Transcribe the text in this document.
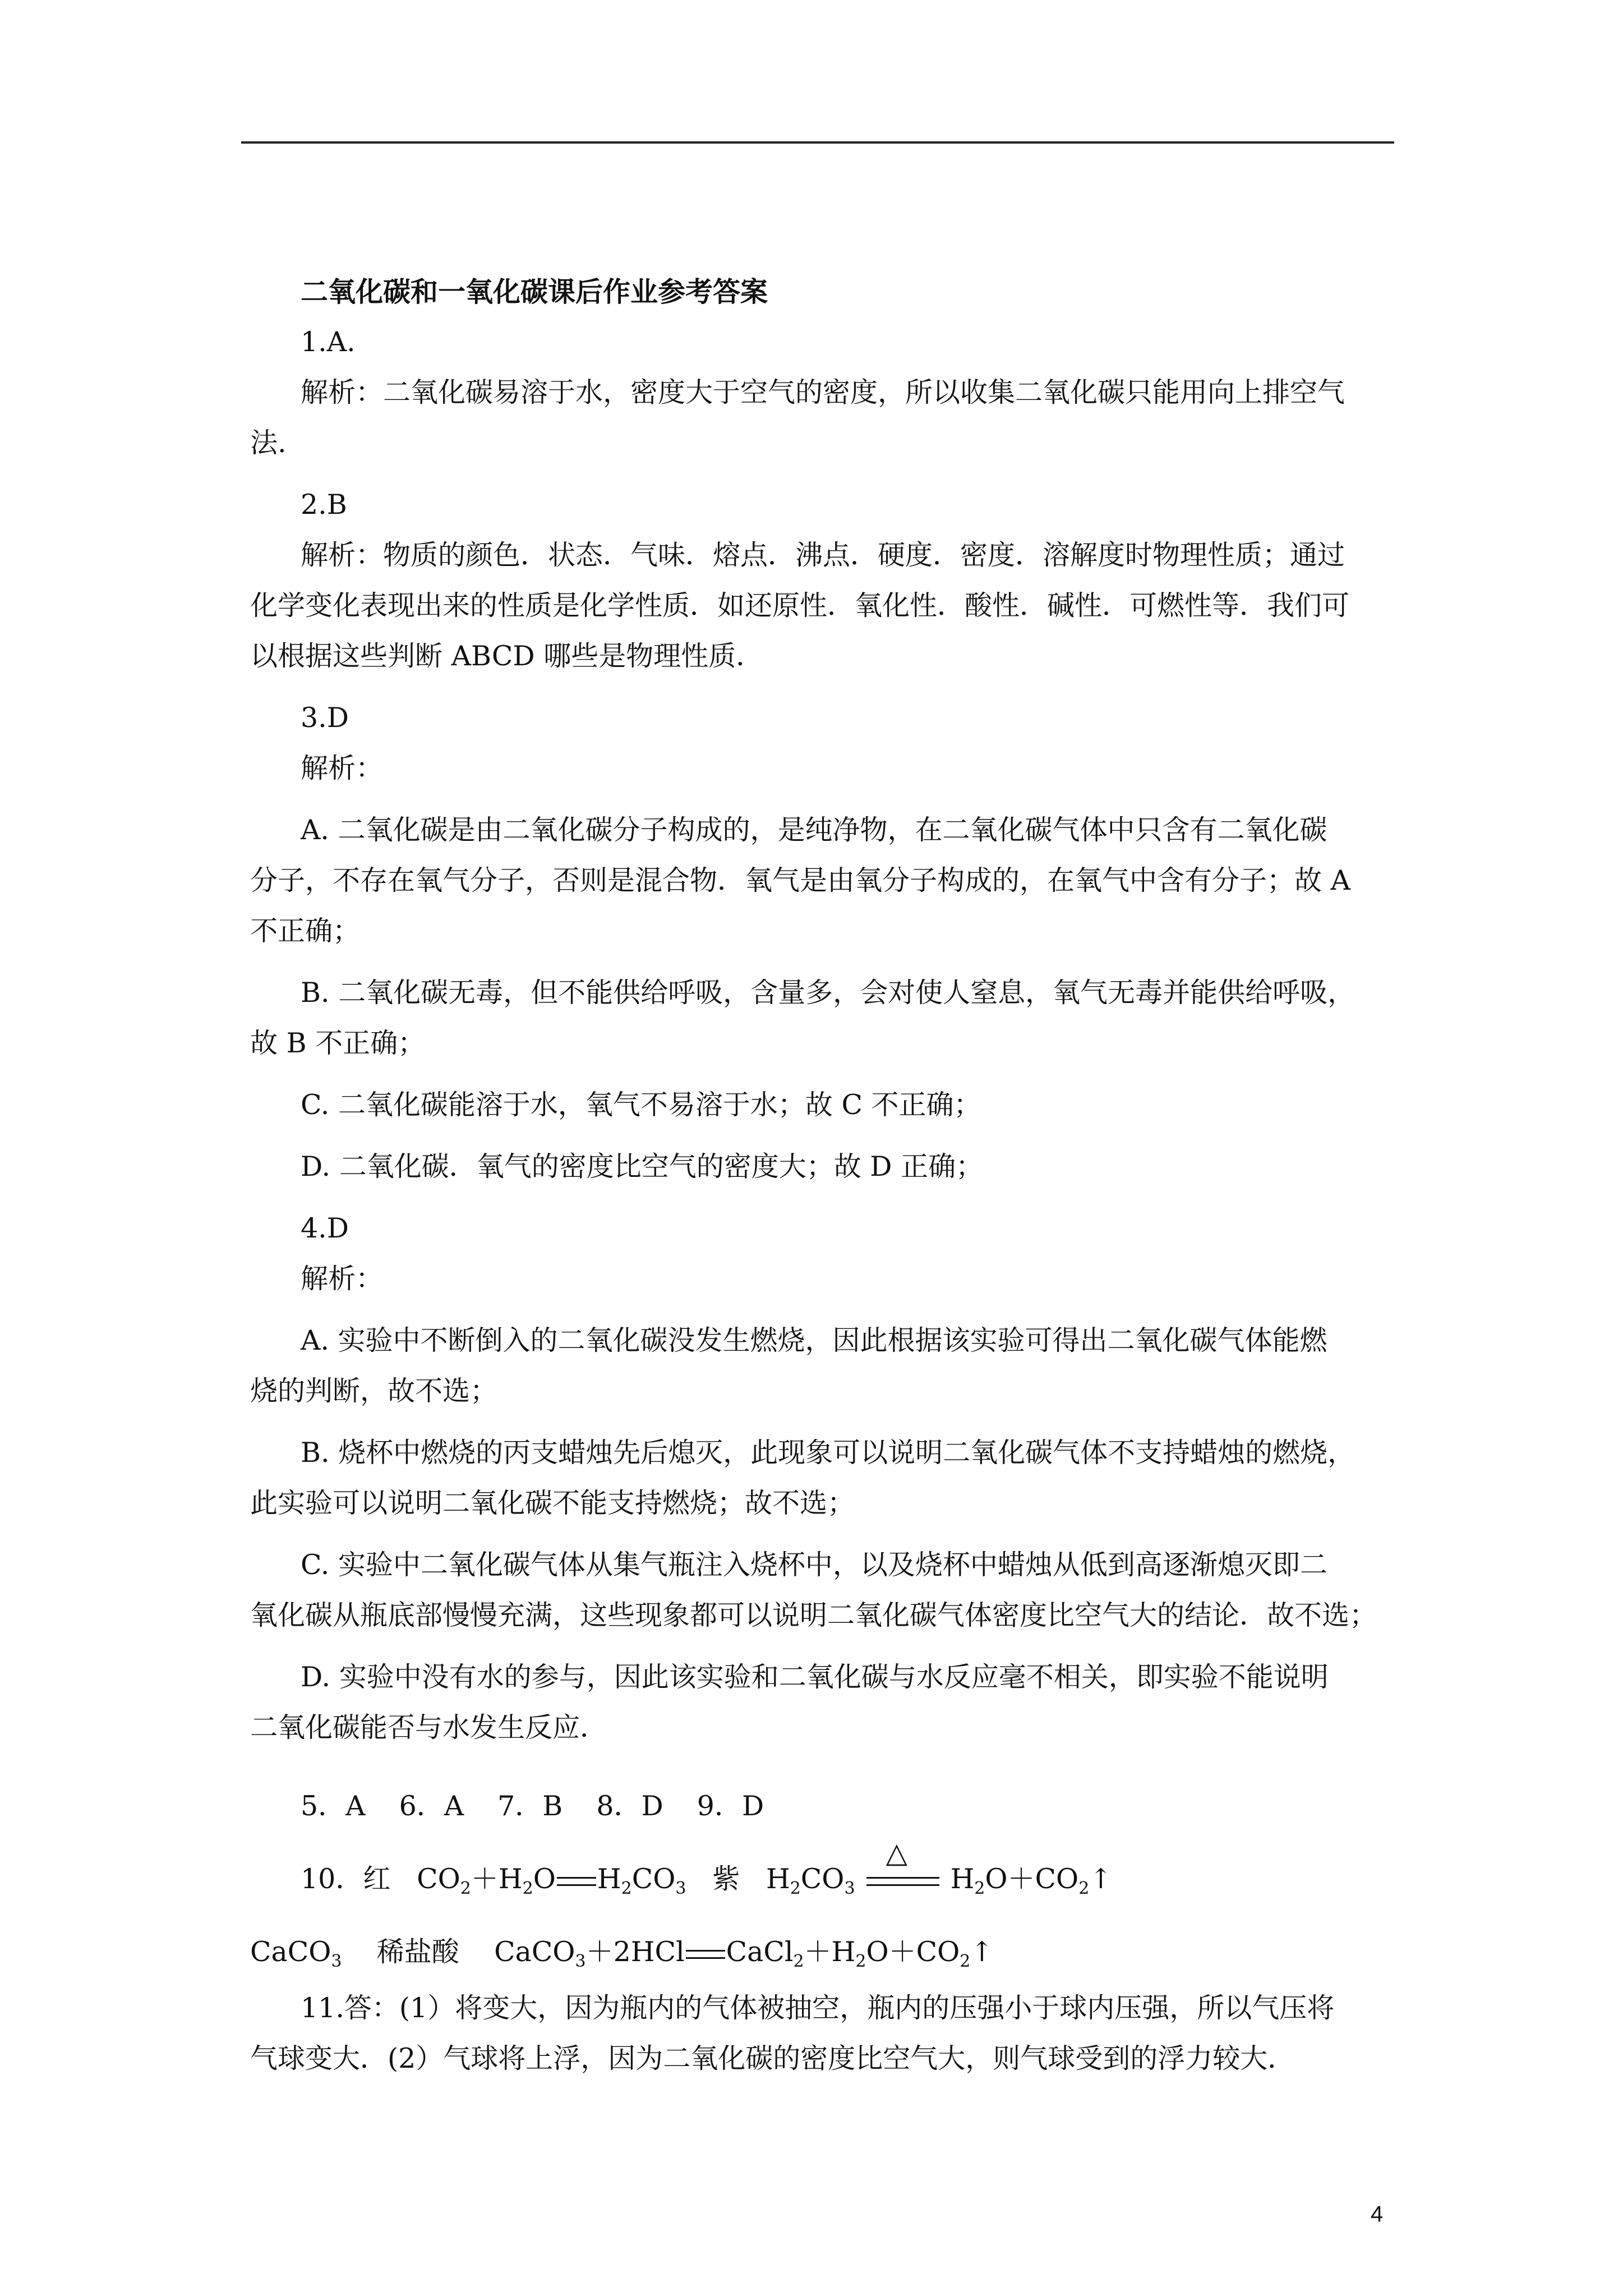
二氧化碳和一氧化碳课后作业参考答案
1.A.
解析：二氧化碳易溶于水，密度大于空气的密度，所以收集二氧化碳只能用向上排空气
法.
2.B
解析：物质的颜色．状态．气味．熔点．沸点．硬度．密度．溶解度时物理性质；通过
化学变化表现出来的性质是化学性质．如还原性．氧化性．酸性．碱性．可燃性等．我们可
以根据这些判断 ABCD 哪些是物理性质．
3.D
解析：
A. 二氧化碳是由二氧化碳分子构成的，是纯净物，在二氧化碳气体中只含有二氧化碳
分子，不存在氧气分子，否则是混合物．氧气是由氧分子构成的，在氧气中含有分子；故 A
不正确；
B. 二氧化碳无毒，但不能供给呼吸，含量多，会对使人窒息，氧气无毒并能供给呼吸，
故 B 不正确；
C. 二氧化碳能溶于水，氧气不易溶于水；故 C 不正确；
D. 二氧化碳．氧气的密度比空气的密度大；故 D 正确；
4.D
解析：
A. 实验中不断倒入的二氧化碳没发生燃烧，因此根据该实验可得出二氧化碳气体能燃
烧的判断，故不选；
B. 烧杯中燃烧的丙支蜡烛先后熄灭，此现象可以说明二氧化碳气体不支持蜡烛的燃烧，
此实验可以说明二氧化碳不能支持燃烧；故不选；
C. 实验中二氧化碳气体从集气瓶注入烧杯中，以及烧杯中蜡烛从低到高逐渐熄灭即二
氧化碳从瓶底部慢慢充满，这些现象都可以说明二氧化碳气体密度比空气大的结论．故不选；
D. 实验中没有水的参与，因此该实验和二氧化碳与水反应毫不相关，即实验不能说明
二氧化碳能否与水发生反应．
5．A 6．A 7．B 8．D 9．D
10．红 $CO_2+H_2O$ $H_2CO_3$ 紫 $H_2CO_3$
△
$H_2O+CO_2↑$
CaCO$_3$ 稀盐酸 CaCO$_3$＋2HCl $CaCl_2+H_2O+CO_2↑$
11.答：(1）将变大，因为瓶内的气体被抽空，瓶内的压强小于球内压强，所以气压将
气球变大．(2）气球将上浮，因为二氧化碳的密度比空气大，则气球受到的浮力较大．
4
